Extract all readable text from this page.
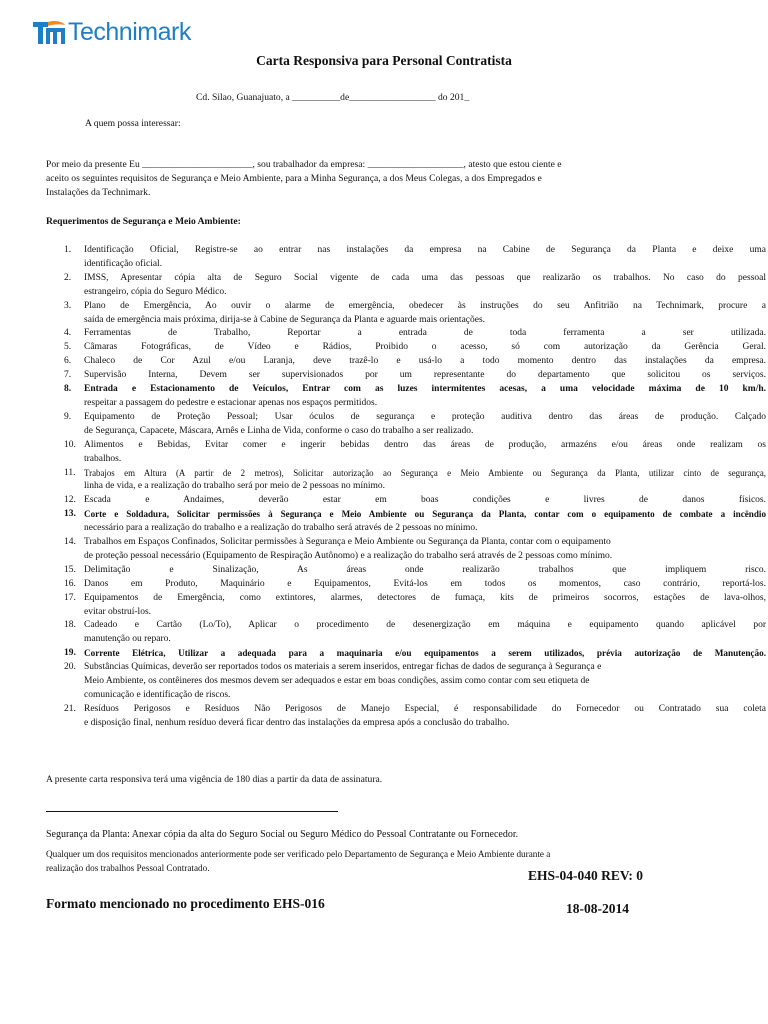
Technimark
Carta Responsiva para Personal Contratista
Cd. Silao, Guanajuato, a __________de__________________ do 201_
A quem possa interessar:
Por meio da presente Eu _______________________, sou trabalhador da empresa: ____________________, atesto que estou ciente e aceito os seguintes requisitos de Segurança e Meio Ambiente, para a Minha Segurança, a dos Meus Colegas, a dos Empregados e Instalações da Technimark.
Requerimentos de Segurança e Meio Ambiente:
1. Identificação Oficial, Registre-se ao entrar nas instalações da empresa na Cabine de Segurança da Planta e deixe uma
identificação oficial.
2. IMSS, Apresentar cópia alta de Seguro Social vigente de cada uma das pessoas que realizarão os trabalhos. No caso do pessoal
estrangeiro, cópia do Seguro Médico.
3. Plano de Emergência, Ao ouvir o alarme de emergência, obedecer às instruções do seu Anfitrião na Technimark, procure a
saída de emergência mais próxima, dirija-se à Cabine de Segurança da Planta e aguarde mais orientações.
4. Ferramentas de Trabalho, Reportar a entrada de toda ferramenta a ser utilizada.
5. Câmaras Fotográficas, de Vídeo e Rádios, Proibido o acesso, só com autorização da Gerência Geral.
6. Chaleco de Cor Azul e/ou Laranja, deve trazê-lo e usá-lo a todo momento dentro das instalações da empresa.
7. Supervisão Interna, Devem ser supervisionados por um representante do departamento que solicitou os serviços.
8. Entrada e Estacionamento de Veículos, Entrar com as luzes intermitentes acesas, a uma velocidade máxima de 10 km/h.
respeitar a passagem do pedestre e estacionar apenas nos espaços permitidos.
9. Equipamento de Proteção Pessoal; Usar óculos de segurança e proteção auditiva dentro das áreas de produção. Calçado
de Segurança, Capacete, Máscara, Arnês e Linha de Vida, conforme o caso do trabalho a ser realizado.
10. Alimentos e Bebidas, Evitar comer e ingerir bebidas dentro das áreas de produção, armazéns e/ou áreas onde realizam os
trabalhos.
11. Trabajos em Altura (A partir de 2 metros), Solicitar autorização ao Segurança e Meio Ambiente ou Segurança da Planta, utilizar cinto de segurança,
linha de vida, e a realização do trabalho será por meio de 2 pessoas no mínimo.
12. Escada e Andaimes, deverão estar em boas condições e livres de danos físicos.
13. Corte e Soldadura, Solicitar permissões à Segurança e Meio Ambiente ou Segurança da Planta, contar com o equipamento de combate a incêndio
necessário para a realização do trabalho e a realização do trabalho será através de 2 pessoas no mínimo.
14. Trabalhos em Espaços Confinados, Solicitar permissões à Segurança e Meio Ambiente ou Segurança da Planta, contar com o equipamento
de proteção pessoal necessário (Equipamento de Respiração Autônomo) e a realização do trabalho será através de 2 pessoas como mínimo.
15. Delimitação e Sinalização, As áreas onde realizarão trabalhos que impliquem risco.
16. Danos em Produto, Maquinário e Equipamentos, Evitá-los em todos os momentos, caso contrário, reportá-los.
17. Equipamentos de Emergência, como extintores, alarmes, detectores de fumaça, kits de primeiros socorros, estações de lava-olhos,
evitar obstruí-los.
18. Cadeado e Cartão (Lo/To), Aplicar o procedimento de desenergização em máquina e equipamento quando aplicável por
manutenção ou reparo.
19. Corrente Elétrica, Utilizar a adequada para a maquinaria e/ou equipamentos a serem utilizados, prévia autorização de Manutenção.
20. Substâncias Químicas, deverão ser reportados todos os materiais a serem inseridos, entregar fichas de dados de segurança à Segurança e
Meio Ambiente, os contêineres dos mesmos devem ser adequados e estar em boas condições, assim como contar com seu etiqueta de comunicação e identificação de riscos.
21. Resíduos Perigosos e Resíduos Não Perigosos de Manejo Especial, é responsabilidade do Fornecedor ou Contratado sua coleta
e disposição final, nenhum resíduo deverá ficar dentro das instalações da empresa após a conclusão do trabalho.
A presente carta responsiva terá uma vigência de 180 dias a partir da data de assinatura.
Segurança da Planta: Anexar cópia da alta do Seguro Social ou Seguro Médico do Pessoal Contratante ou Fornecedor.
Qualquer um dos requisitos mencionados anteriormente pode ser verificado pelo Departamento de Segurança e Meio Ambiente durante a realização dos trabalhos Pessoal Contratado.	EHS-04-040 REV: 0
Formato mencionado no procedimento EHS-016	18-08-2014
